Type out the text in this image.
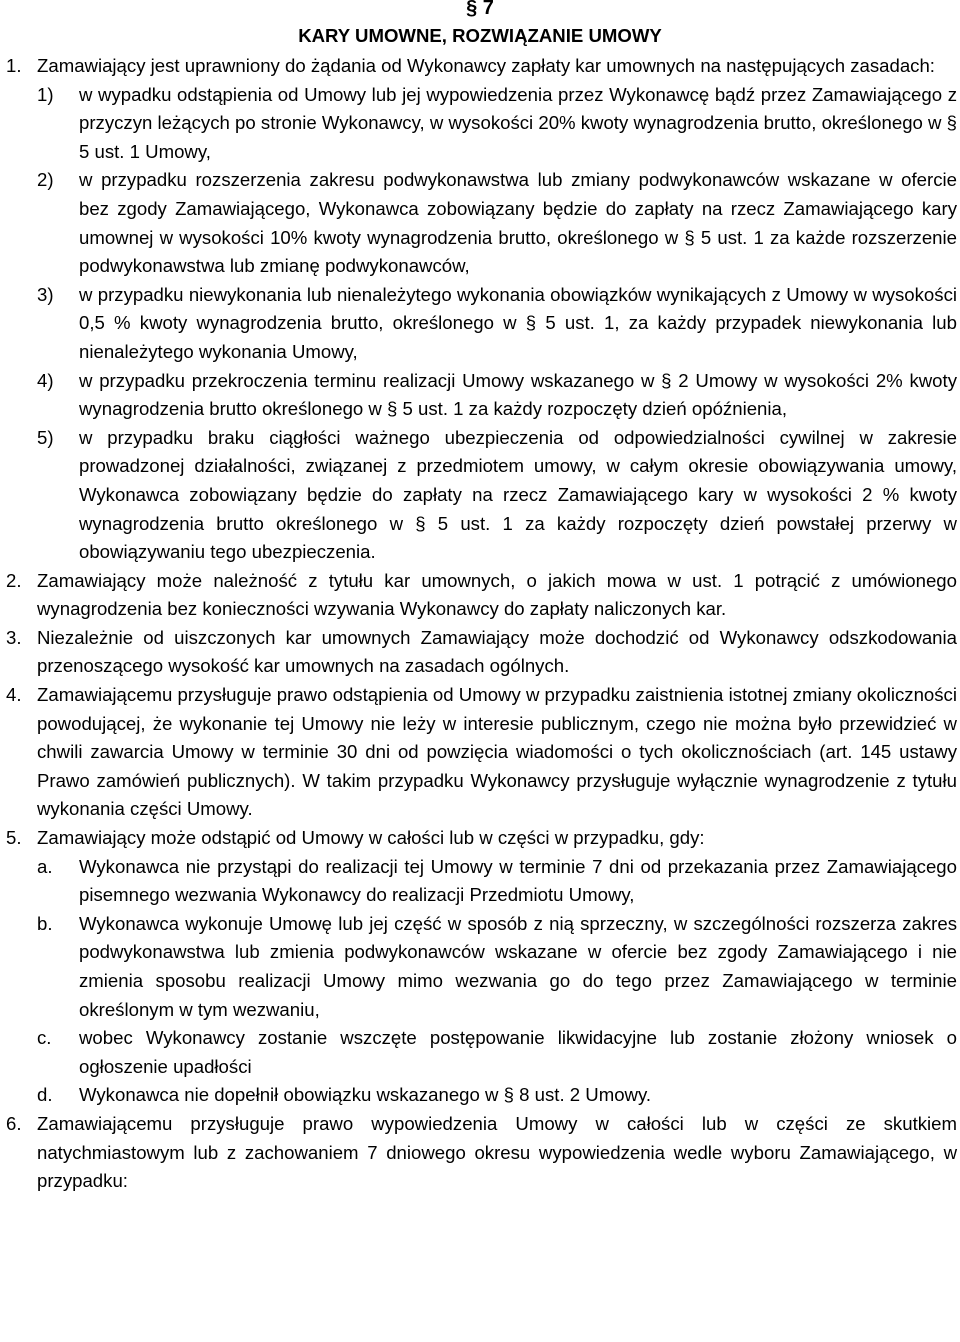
§ 7
KARY UMOWNE, ROZWIĄZANIE UMOWY
1. Zamawiający jest uprawniony do żądania od Wykonawcy zapłaty kar umownych na następujących zasadach:
1) w wypadku odstąpienia od Umowy lub jej wypowiedzenia przez Wykonawcę bądź przez Zamawiającego z przyczyn leżących po stronie Wykonawcy, w wysokości 20% kwoty wynagrodzenia brutto, określonego w § 5 ust. 1 Umowy,
2) w przypadku rozszerzenia zakresu podwykonawstwa lub zmiany podwykonawców wskazane w ofercie bez zgody Zamawiającego, Wykonawca zobowiązany będzie do zapłaty na rzecz Zamawiającego kary umownej w wysokości 10% kwoty wynagrodzenia brutto, określonego w § 5 ust. 1 za każde rozszerzenie podwykonawstwa lub zmianę podwykonawców,
3) w przypadku niewykonania lub nienależytego wykonania obowiązków wynikających z Umowy w wysokości 0,5 % kwoty wynagrodzenia brutto, określonego w § 5 ust. 1, za każdy przypadek niewykonania lub nienależytego wykonania Umowy,
4) w przypadku przekroczenia terminu realizacji Umowy wskazanego w § 2 Umowy w wysokości 2% kwoty wynagrodzenia brutto określonego w § 5 ust. 1 za każdy rozpoczęty dzień opóźnienia,
5) w przypadku braku ciągłości ważnego ubezpieczenia od odpowiedzialności cywilnej w zakresie prowadzonej działalności, związanej z przedmiotem umowy, w całym okresie obowiązywania umowy, Wykonawca zobowiązany będzie do zapłaty na rzecz Zamawiającego kary w wysokości 2 % kwoty wynagrodzenia brutto określonego w § 5 ust. 1 za każdy rozpoczęty dzień powstałej przerwy w obowiązywaniu tego ubezpieczenia.
2. Zamawiający może należność z tytułu kar umownych, o jakich mowa w ust. 1 potrącić z umówionego wynagrodzenia bez konieczności wzywania Wykonawcy do zapłaty naliczonych kar.
3. Niezależnie od uiszczonych kar umownych Zamawiający może dochodzić od Wykonawcy odszkodowania przenoszącego wysokość kar umownych na zasadach ogólnych.
4. Zamawiającemu przysługuje prawo odstąpienia od Umowy w przypadku zaistnienia istotnej zmiany okoliczności powodującej, że wykonanie tej Umowy nie leży w interesie publicznym, czego nie można było przewidzieć w chwili zawarcia Umowy w terminie 30 dni od powzięcia wiadomości o tych okolicznościach (art. 145 ustawy Prawo zamówień publicznych). W takim przypadku Wykonawcy przysługuje wyłącznie wynagrodzenie z tytułu wykonania części Umowy.
5. Zamawiający może odstąpić od Umowy w całości lub w części w przypadku, gdy:
a. Wykonawca nie przystąpi do realizacji tej Umowy w terminie 7 dni od przekazania przez Zamawiającego pisemnego wezwania Wykonawcy do realizacji Przedmiotu Umowy,
b. Wykonawca wykonuje Umowę lub jej część w sposób z nią sprzeczny, w szczególności rozszerza zakres podwykonawstwa lub zmienia podwykonawców wskazane w ofercie bez zgody Zamawiającego i nie zmienia sposobu realizacji Umowy mimo wezwania go do tego przez Zamawiającego w terminie określonym w tym wezwaniu,
c. wobec Wykonawcy zostanie wszczęte postępowanie likwidacyjne lub zostanie złożony wniosek o ogłoszenie upadłości
d. Wykonawca nie dopełnił obowiązku wskazanego w § 8 ust. 2 Umowy.
6. Zamawiającemu przysługuje prawo wypowiedzenia Umowy w całości lub w części ze skutkiem natychmiastowym lub z zachowaniem 7 dniowego okresu wypowiedzenia wedle wyboru Zamawiającego, w przypadku:
